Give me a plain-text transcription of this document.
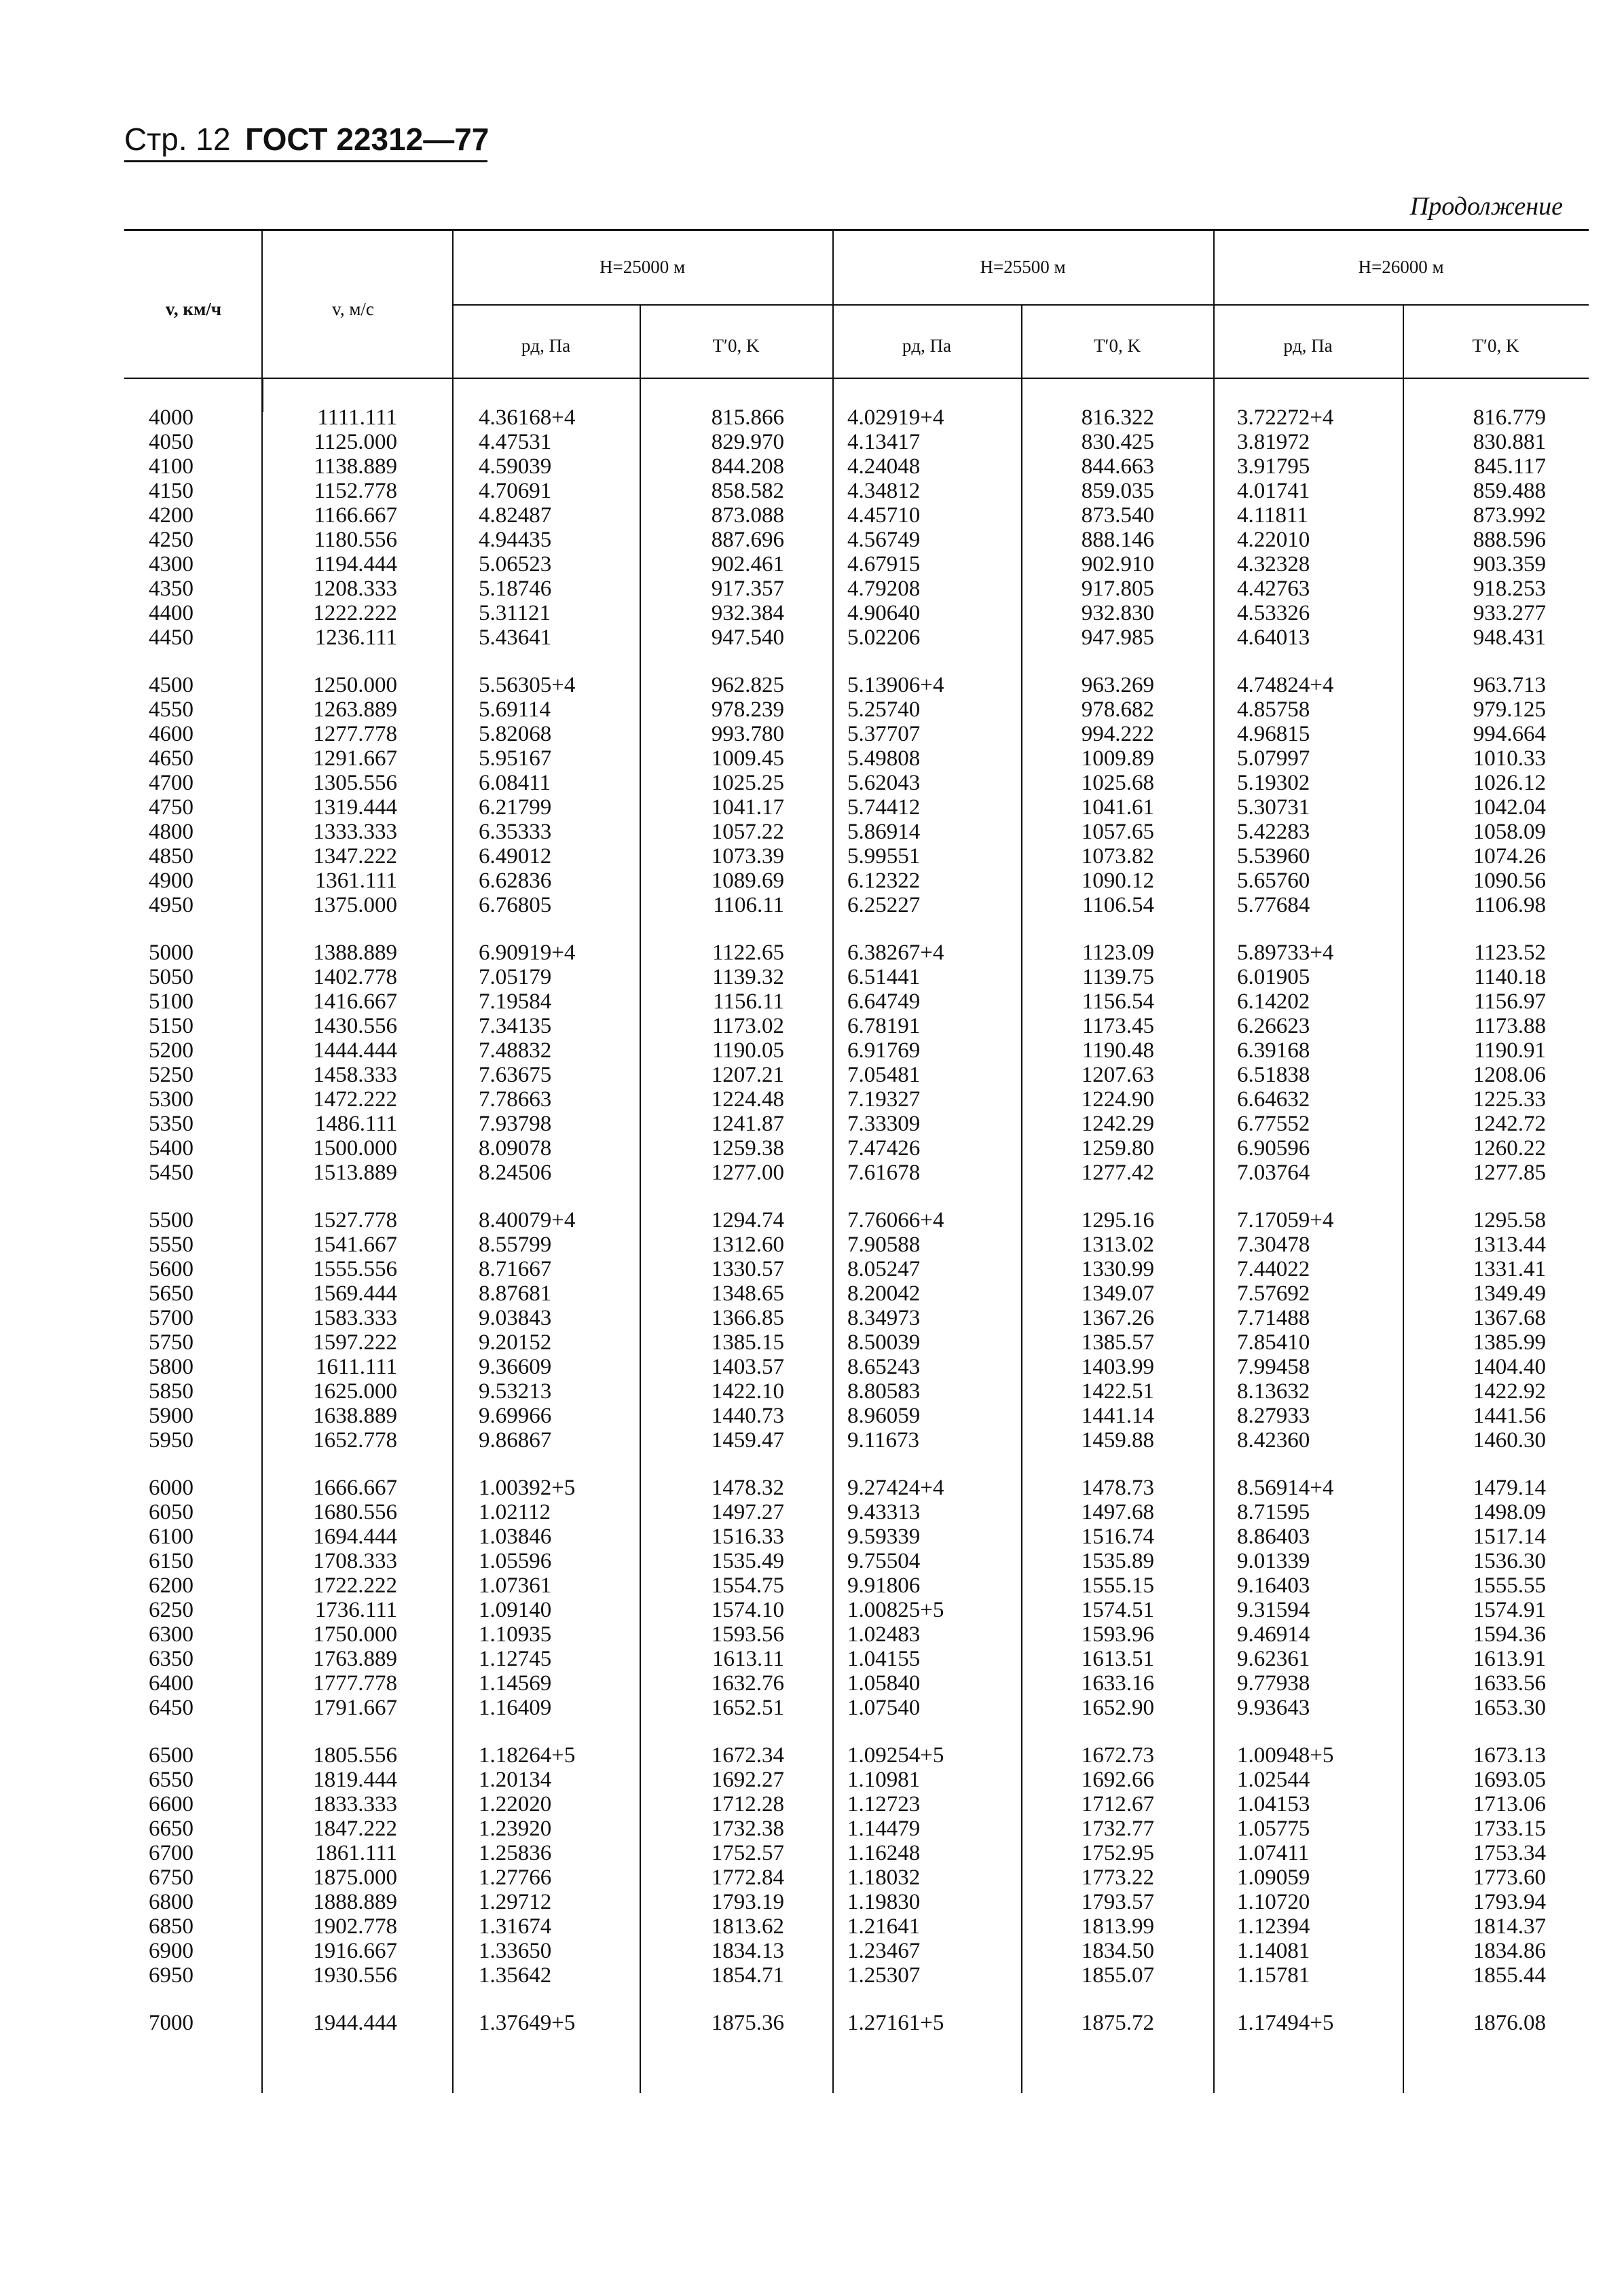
Стр. 12 ГОСТ 22312—77
Продолжение
v, км/ч	v, м/с
H=25000 м	H=25500 м	H=26000 м
pд, Па	T′0, K	pд, Па	T′0, K	pд, Па	T′0, K
4000	1111.111	4.36168+4	815.866	4.02919+4	816.322	3.72272+4	816.779
4050	1125.000	4.47531	829.970	4.13417	830.425	3.81972	830.881
4100	1138.889	4.59039	844.208	4.24048	844.663	3.91795	845.117
4150	1152.778	4.70691	858.582	4.34812	859.035	4.01741	859.488
4200	1166.667	4.82487	873.088	4.45710	873.540	4.11811	873.992
4250	1180.556	4.94435	887.696	4.56749	888.146	4.22010	888.596
4300	1194.444	5.06523	902.461	4.67915	902.910	4.32328	903.359
4350	1208.333	5.18746	917.357	4.79208	917.805	4.42763	918.253
4400	1222.222	5.31121	932.384	4.90640	932.830	4.53326	933.277
4450	1236.111	5.43641	947.540	5.02206	947.985	4.64013	948.431
4500	1250.000	5.56305+4	962.825	5.13906+4	963.269	4.74824+4	963.713
4550	1263.889	5.69114	978.239	5.25740	978.682	4.85758	979.125
4600	1277.778	5.82068	993.780	5.37707	994.222	4.96815	994.664
4650	1291.667	5.95167	1009.45	5.49808	1009.89	5.07997	1010.33
4700	1305.556	6.08411	1025.25	5.62043	1025.68	5.19302	1026.12
4750	1319.444	6.21799	1041.17	5.74412	1041.61	5.30731	1042.04
4800	1333.333	6.35333	1057.22	5.86914	1057.65	5.42283	1058.09
4850	1347.222	6.49012	1073.39	5.99551	1073.82	5.53960	1074.26
4900	1361.111	6.62836	1089.69	6.12322	1090.12	5.65760	1090.56
4950	1375.000	6.76805	1106.11	6.25227	1106.54	5.77684	1106.98
5000	1388.889	6.90919+4	1122.65	6.38267+4	1123.09	5.89733+4	1123.52
5050	1402.778	7.05179	1139.32	6.51441	1139.75	6.01905	1140.18
5100	1416.667	7.19584	1156.11	6.64749	1156.54	6.14202	1156.97
5150	1430.556	7.34135	1173.02	6.78191	1173.45	6.26623	1173.88
5200	1444.444	7.48832	1190.05	6.91769	1190.48	6.39168	1190.91
5250	1458.333	7.63675	1207.21	7.05481	1207.63	6.51838	1208.06
5300	1472.222	7.78663	1224.48	7.19327	1224.90	6.64632	1225.33
5350	1486.111	7.93798	1241.87	7.33309	1242.29	6.77552	1242.72
5400	1500.000	8.09078	1259.38	7.47426	1259.80	6.90596	1260.22
5450	1513.889	8.24506	1277.00	7.61678	1277.42	7.03764	1277.85
5500	1527.778	8.40079+4	1294.74	7.76066+4	1295.16	7.17059+4	1295.58
5550	1541.667	8.55799	1312.60	7.90588	1313.02	7.30478	1313.44
5600	1555.556	8.71667	1330.57	8.05247	1330.99	7.44022	1331.41
5650	1569.444	8.87681	1348.65	8.20042	1349.07	7.57692	1349.49
5700	1583.333	9.03843	1366.85	8.34973	1367.26	7.71488	1367.68
5750	1597.222	9.20152	1385.15	8.50039	1385.57	7.85410	1385.99
5800	1611.111	9.36609	1403.57	8.65243	1403.99	7.99458	1404.40
5850	1625.000	9.53213	1422.10	8.80583	1422.51	8.13632	1422.92
5900	1638.889	9.69966	1440.73	8.96059	1441.14	8.27933	1441.56
5950	1652.778	9.86867	1459.47	9.11673	1459.88	8.42360	1460.30
6000	1666.667	1.00392+5	1478.32	9.27424+4	1478.73	8.56914+4	1479.14
6050	1680.556	1.02112	1497.27	9.43313	1497.68	8.71595	1498.09
6100	1694.444	1.03846	1516.33	9.59339	1516.74	8.86403	1517.14
6150	1708.333	1.05596	1535.49	9.75504	1535.89	9.01339	1536.30
6200	1722.222	1.07361	1554.75	9.91806	1555.15	9.16403	1555.55
6250	1736.111	1.09140	1574.10	1.00825+5	1574.51	9.31594	1574.91
6300	1750.000	1.10935	1593.56	1.02483	1593.96	9.46914	1594.36
6350	1763.889	1.12745	1613.11	1.04155	1613.51	9.62361	1613.91
6400	1777.778	1.14569	1632.76	1.05840	1633.16	9.77938	1633.56
6450	1791.667	1.16409	1652.51	1.07540	1652.90	9.93643	1653.30
6500	1805.556	1.18264+5	1672.34	1.09254+5	1672.73	1.00948+5	1673.13
6550	1819.444	1.20134	1692.27	1.10981	1692.66	1.02544	1693.05
6600	1833.333	1.22020	1712.28	1.12723	1712.67	1.04153	1713.06
6650	1847.222	1.23920	1732.38	1.14479	1732.77	1.05775	1733.15
6700	1861.111	1.25836	1752.57	1.16248	1752.95	1.07411	1753.34
6750	1875.000	1.27766	1772.84	1.18032	1773.22	1.09059	1773.60
6800	1888.889	1.29712	1793.19	1.19830	1793.57	1.10720	1793.94
6850	1902.778	1.31674	1813.62	1.21641	1813.99	1.12394	1814.37
6900	1916.667	1.33650	1834.13	1.23467	1834.50	1.14081	1834.86
6950	1930.556	1.35642	1854.71	1.25307	1855.07	1.15781	1855.44
7000	1944.444	1.37649+5	1875.36	1.27161+5	1875.72	1.17494+5	1876.08
